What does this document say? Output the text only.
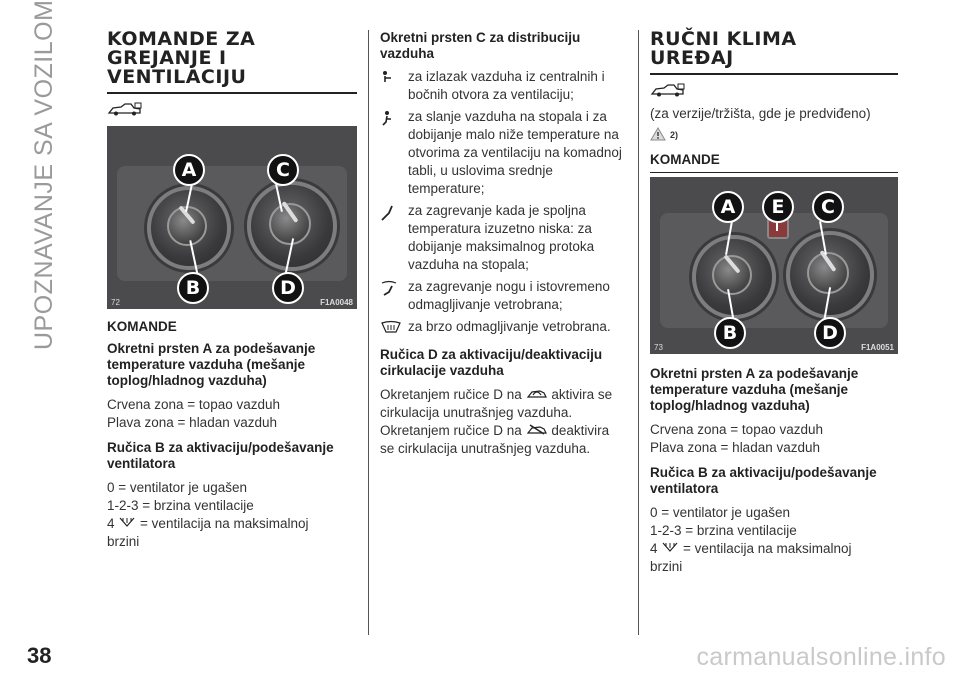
UPOZNAVANJE SA VOZILOM	KOMANDE ZA

GREJANJE I

VENTILACIJU

A	C
B	D
72	F1A0048

KOMANDE

Okretni prsten A za podešavanje temperature vazduha (mešanje toplog/hladnog vazduha)

Crvena zona = topao vazduh

Plava zona = hladan vazduh

Ručica B za aktivaciju/podešavanje ventilatora

0 = ventilator je ugašen

1-2-3 = brzina ventilacije

4 = ventilacija na maksimalnoj

brzini

Okretni prsten C za distribuciju vazduha

za izlazak vazduha iz centralnih i bočnih otvora za ventilaciju;
za slanje vazduha na stopala i za dobijanje malo niže temperature na otvorima za ventilaciju na komadnoj tabli, u uslovima srednje temperature;
za zagrevanje kada je spoljna temperatura izuzetno niska: za dobijanje maksimalnog protoka vazduha na stopala;
za zagrevanje nogu i istovremeno odmagljivanje vetrobrana;
za brzo odmagljivanje vetrobrana.

Ručica D za aktivaciju/deaktivaciju cirkulacije vazduha

Okretanjem ručice D na aktivira se

cirkulacija unutrašnjeg vazduha.

Okretanjem ručice D na deaktivira

se cirkulacija unutrašnjeg vazduha.

RUČNI KLIMA

UREĐAJ

(za verzije/tržišta, gde je predviđeno)

2)

KOMANDE

A	E	C
B	D
73	F1A0051

Okretni prsten A za podešavanje temperature vazduha (mešanje toplog/hladnog vazduha)

Crvena zona = topao vazduh

Plava zona = hladan vazduh

Ručica B za aktivaciju/podešavanje ventilatora

0 = ventilator je ugašen

1-2-3 = brzina ventilacije

4 = ventilacija na maksimalnoj

brzini

38	carmanualsonline.info
